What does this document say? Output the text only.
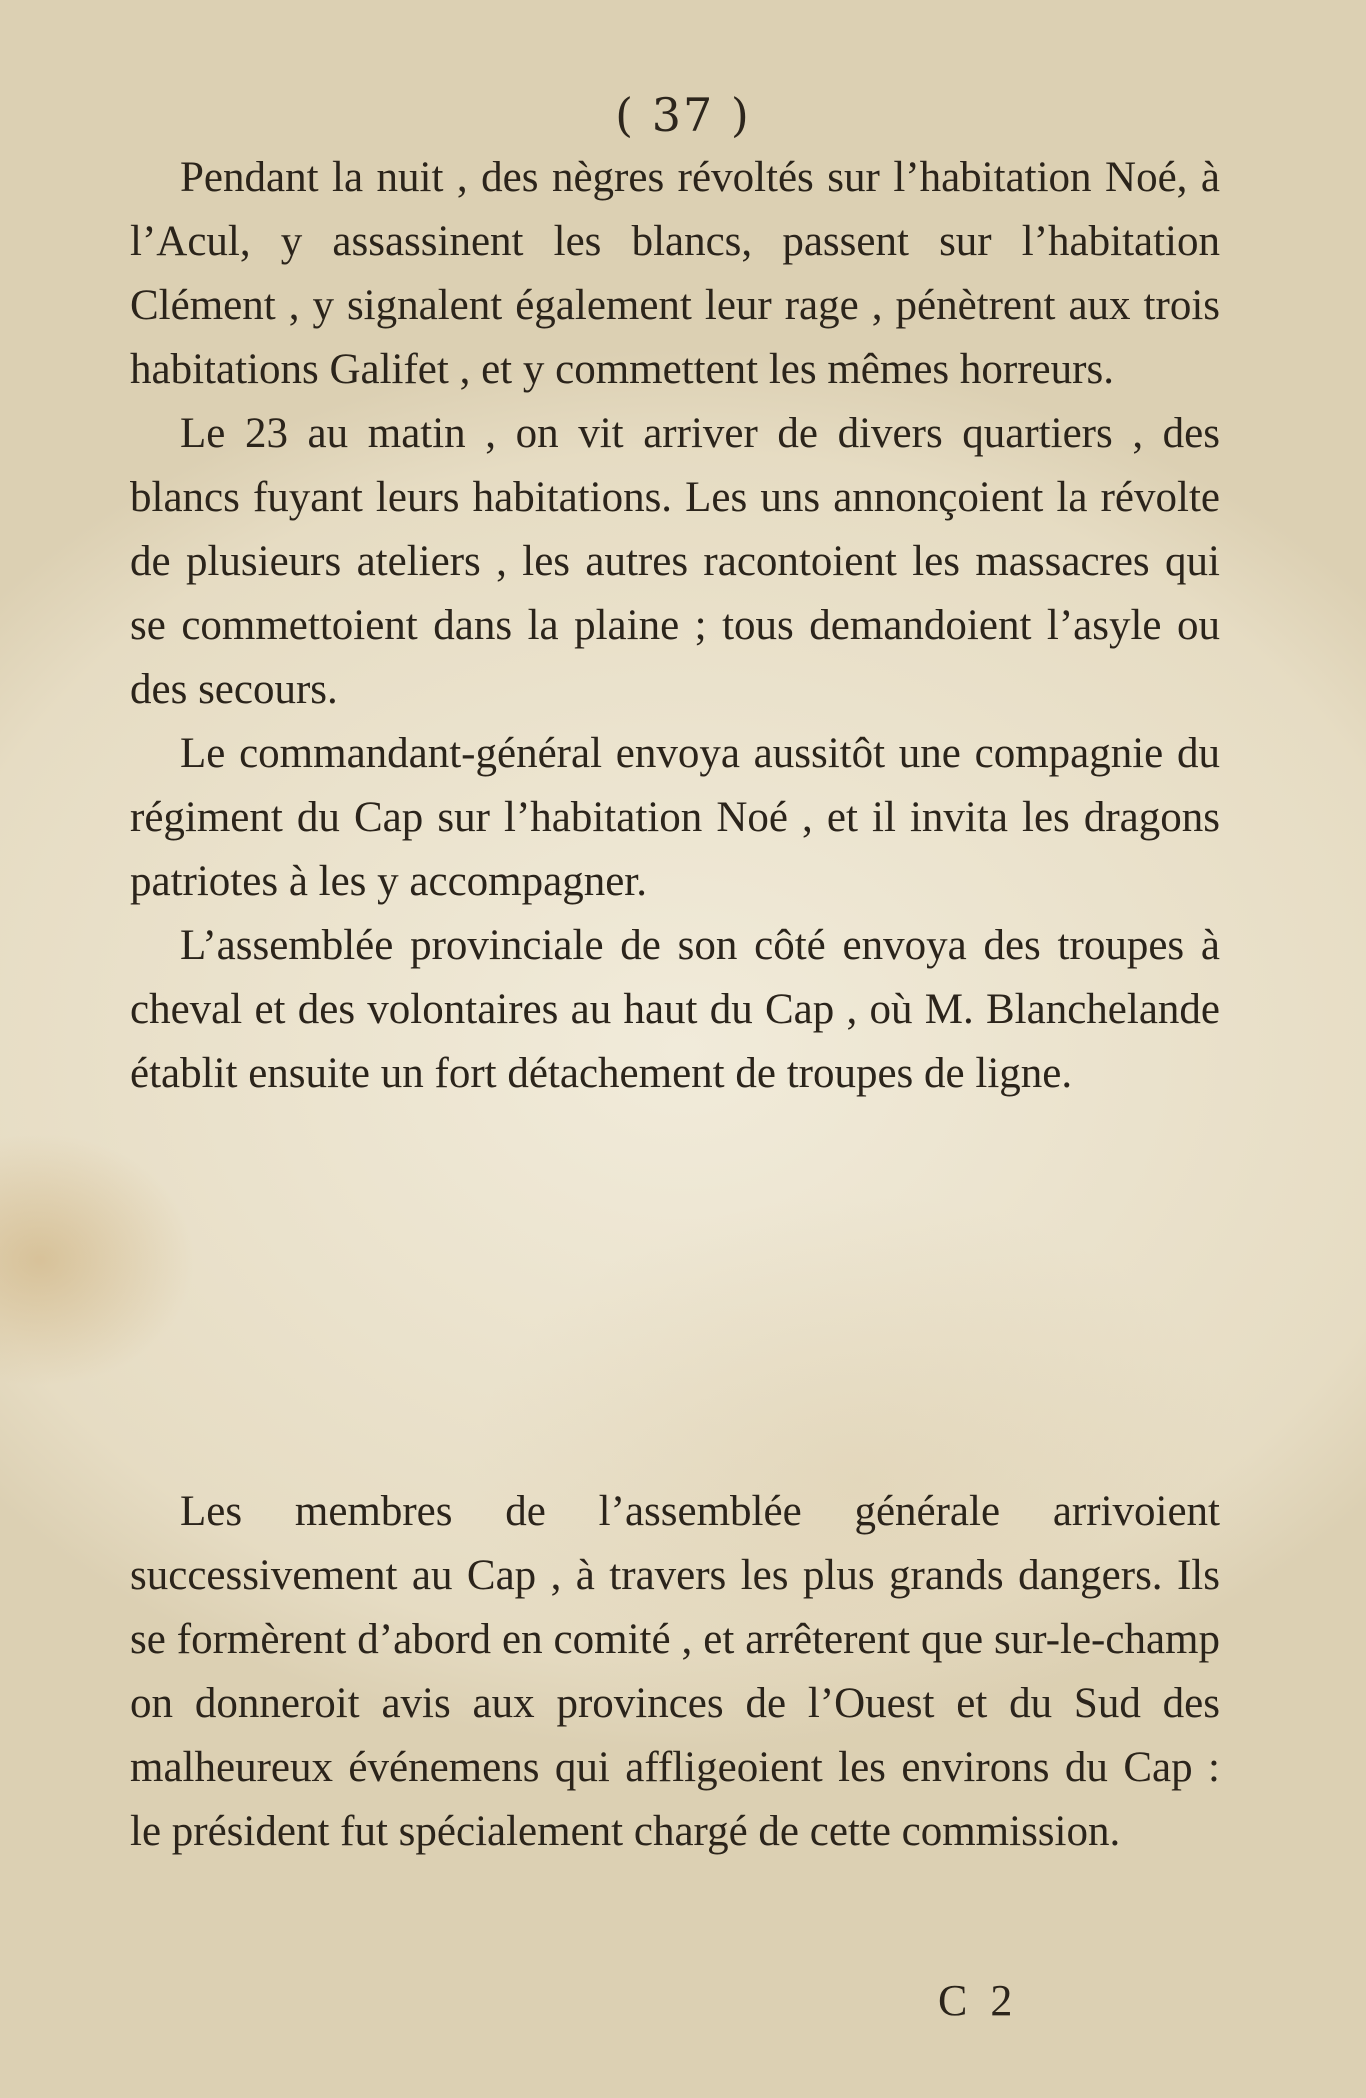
( 37 )

Pendant la nuit , des nègres révoltés sur l’habitation Noé, à l’Acul, y assassinent les blancs, passent sur l’habitation Clément , y signalent également leur rage , pénètrent aux trois habitations Galifet , et y commettent les mêmes horreurs.

Le 23 au matin , on vit arriver de divers quartiers , des blancs fuyant leurs habitations. Les uns annonçoient la révolte de plusieurs ateliers , les autres racontoient les massacres qui se commettoient dans la plaine ; tous demandoient l’asyle ou des secours.

Le commandant-général envoya aussitôt une compagnie du régiment du Cap sur l’habitation Noé , et il invita les dragons patriotes à les y accompagner.

L’assemblée provinciale de son côté envoya des troupes à cheval et des volontaires au haut du Cap , où M. Blanchelande établit ensuite un fort détachement de troupes de ligne.

Les membres de l’assemblée générale arrivoient successivement au Cap , à travers les plus grands dangers. Ils se formèrent d’abord en comité , et arrêterent que sur-le-champ on donneroit avis aux provinces de l’Ouest et du Sud des malheureux événemens qui affligeoient les environs du Cap : le président fut spécialement chargé de cette commission.

C 2
